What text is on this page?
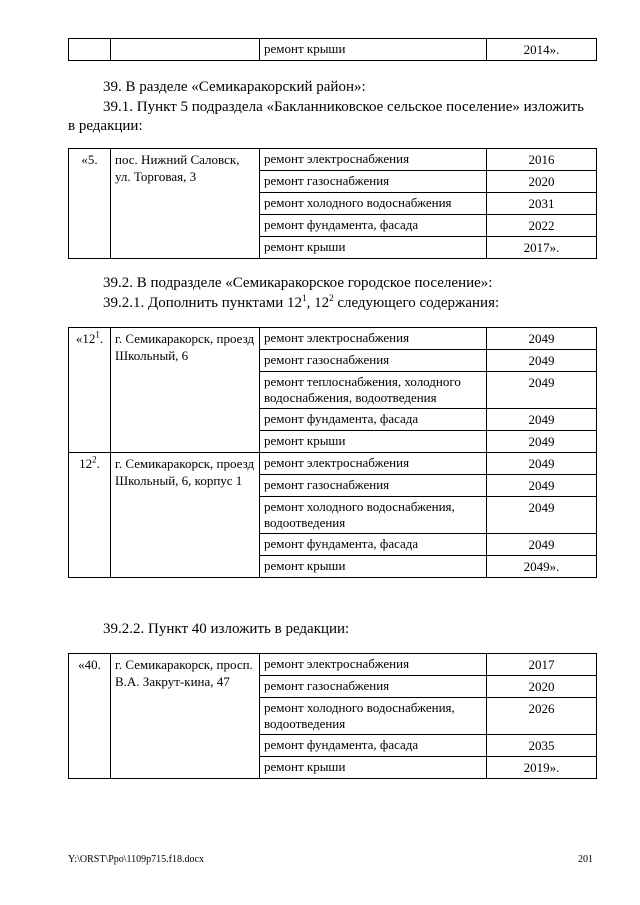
		ремонт крыши	2014».
39. В разделе «Семикаракорский район»:
39.1. Пункт 5 подраздела «Бакланниковское сельское поселение» изложить
в редакции:
«5.	пос. Нижний Саловск, ул. Торговая, 3	ремонт электроснабжения	2016
		ремонт газоснабжения	2020
		ремонт холодного водоснабжения	2031
		ремонт фундамента, фасада	2022
		ремонт крыши	2017».
39.2. В подразделе «Семикаракорское городское поселение»:
39.2.1. Дополнить пунктами $12^1$, $12^2$ следующего содержания:
«$12^1$.	г. Семикаракорск, проезд Школьный, 6	ремонт электроснабжения	2049
		ремонт газоснабжения	2049
		ремонт теплоснабжения, холодного водоснабжения, водоотведения	2049
		ремонт фундамента, фасада	2049
		ремонт крыши	2049
$12^2$.	г. Семикаракорск, проезд Школьный, 6, корпус 1	ремонт электроснабжения	2049
		ремонт газоснабжения	2049
		ремонт холодного водоснабжения, водоотведения	2049
		ремонт фундамента, фасада	2049
		ремонт крыши	2049».
39.2.2. Пункт 40 изложить в редакции:
«40.	г. Семикаракорск, просп. В.А. Закрут-кина, 47	ремонт электроснабжения	2017
		ремонт газоснабжения	2020
		ремонт холодного водоснабжения, водоотведения	2026
		ремонт фундамента, фасада	2035
		ремонт крыши	2019».
Y:\ORST\Ppo\1109p715.f18.docx	201
